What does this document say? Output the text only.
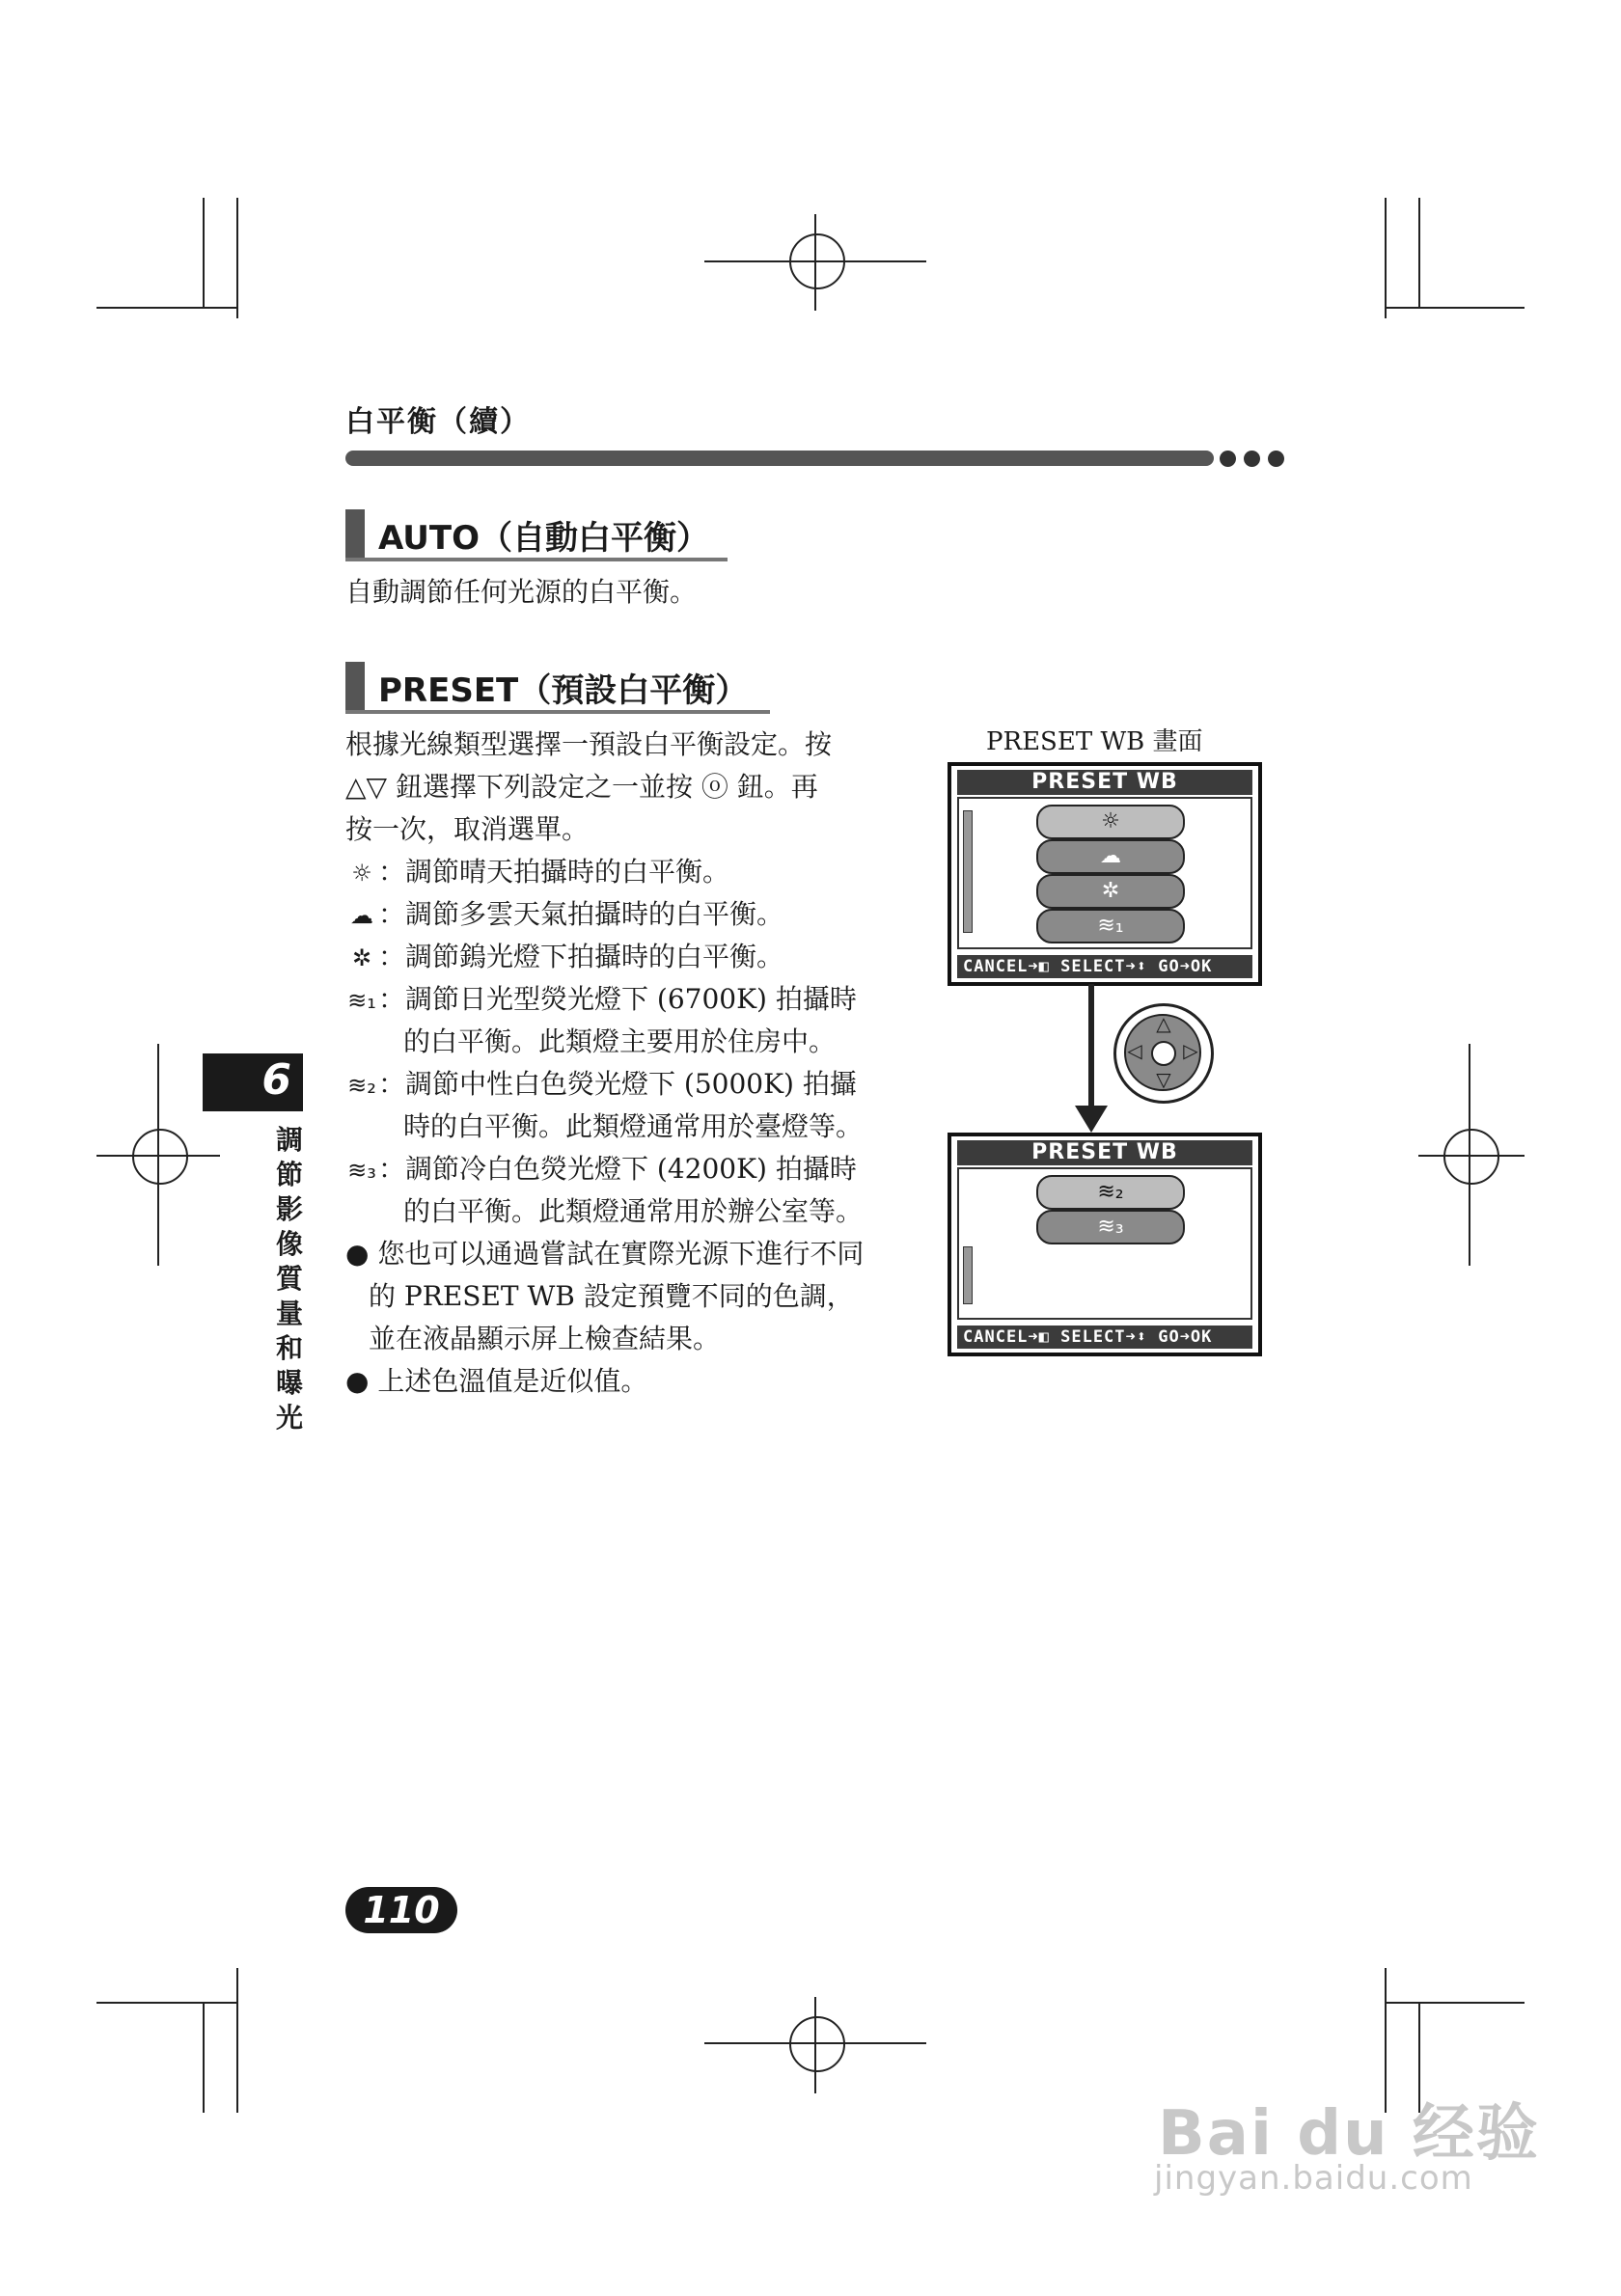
白平衡（續）
AUTO（自動白平衡）
自動調節任何光源的白平衡。
PRESET（預設白平衡）
根據光線類型選擇一預設白平衡設定。按
△▽ 鈕選擇下列設定之一並按 ⓞ 鈕。再
按一次，取消選單。
☼ ：調節晴天拍攝時的白平衡。
☁ ：調節多雲天氣拍攝時的白平衡。
✲ ：調節鎢光燈下拍攝時的白平衡。
≋₁：調節日光型熒光燈下 (6700K) 拍攝時
的白平衡。此類燈主要用於住房中。
≋₂：調節中性白色熒光燈下 (5000K) 拍攝
時的白平衡。此類燈通常用於臺燈等。
≋₃：調節冷白色熒光燈下 (4200K) 拍攝時
的白平衡。此類燈通常用於辦公室等。
● 您也可以通過嘗試在實際光源下進行不同
的 PRESET WB 設定預覽不同的色調，
並在液晶顯示屏上檢查結果。
● 上述色溫值是近似值。
PRESET WB 畫面
PRESET WB
☼
☁
✲
≋₁
CANCEL➜◧ SELECT➜⬍ GO➜OK
△
▽
◁ ▷
PRESET WB
≋₂
≋₃
CANCEL➜◧ SELECT➜⬍ GO➜OK
6
調節影像質量和曝光
110
Bai du 经验
jingyan.baidu.com
